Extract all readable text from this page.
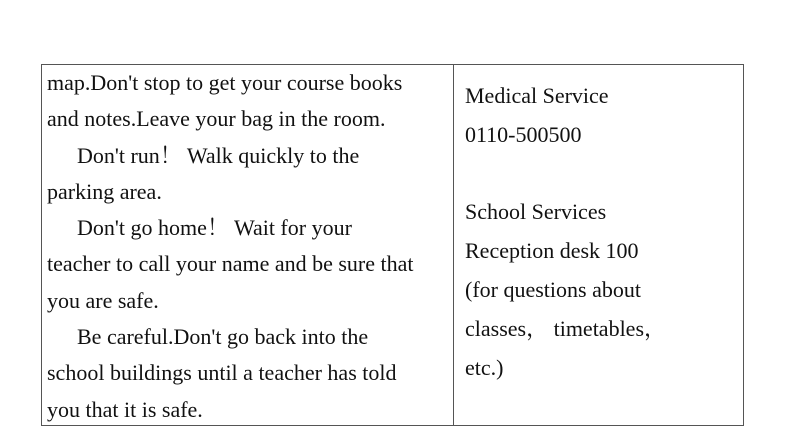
map.Don't stop to get your course books
and notes.Leave your bag in the room.
Don't run！ Walk quickly to the
parking area.
Don't go home！ Wait for your
teacher to call your name and be sure that
you are safe.
Be careful.Don't go back into the
school buildings until a teacher has told
you that it is safe.
Medical Service
0110-500500
School Services
Reception desk 100
(for questions about
classes， timetables，
etc.)
